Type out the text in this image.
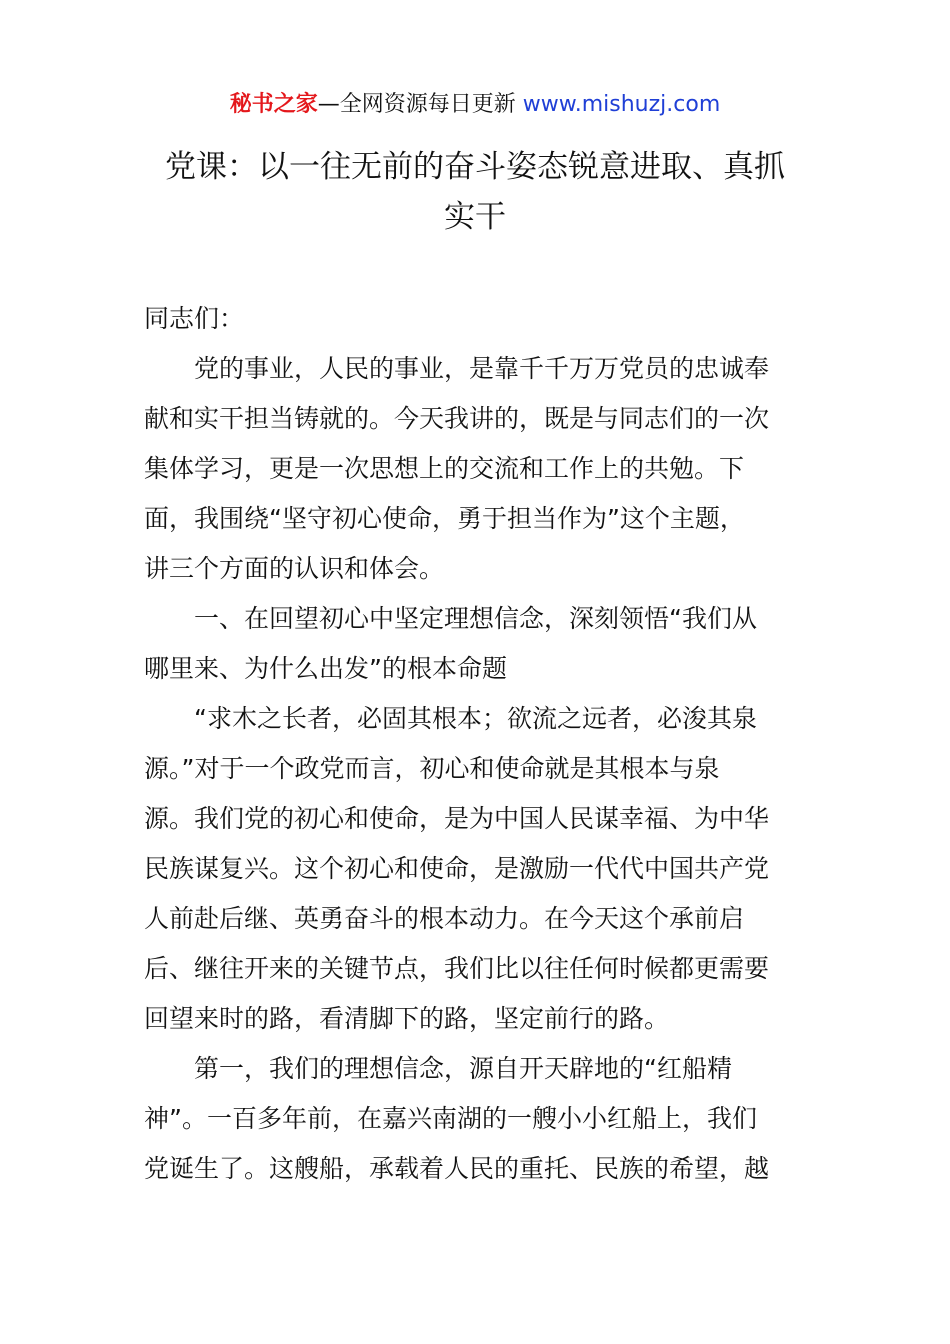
秘书之家—全网资源每日更新 www.mishuzj.com
党课：以一往无前的奋斗姿态锐意进取、真抓
实干

同志们：

党的事业，人民的事业，是靠千千万万党员的忠诚奉
献和实干担当铸就的。今天我讲的，既是与同志们的一次
集体学习，更是一次思想上的交流和工作上的共勉。下
面，我围绕“坚守初心使命，勇于担当作为”这个主题，
讲三个方面的认识和体会。

一、在回望初心中坚定理想信念，深刻领悟“我们从
哪里来、为什么出发”的根本命题

“求木之长者，必固其根本；欲流之远者，必浚其泉
源。”对于一个政党而言，初心和使命就是其根本与泉
源。我们党的初心和使命，是为中国人民谋幸福、为中华
民族谋复兴。这个初心和使命，是激励一代代中国共产党
人前赴后继、英勇奋斗的根本动力。在今天这个承前启
后、继往开来的关键节点，我们比以往任何时候都更需要
回望来时的路，看清脚下的路，坚定前行的路。

第一，我们的理想信念，源自开天辟地的“红船精
神”。一百多年前，在嘉兴南湖的一艘小小红船上，我们
党诞生了。这艘船，承载着人民的重托、民族的希望，越
